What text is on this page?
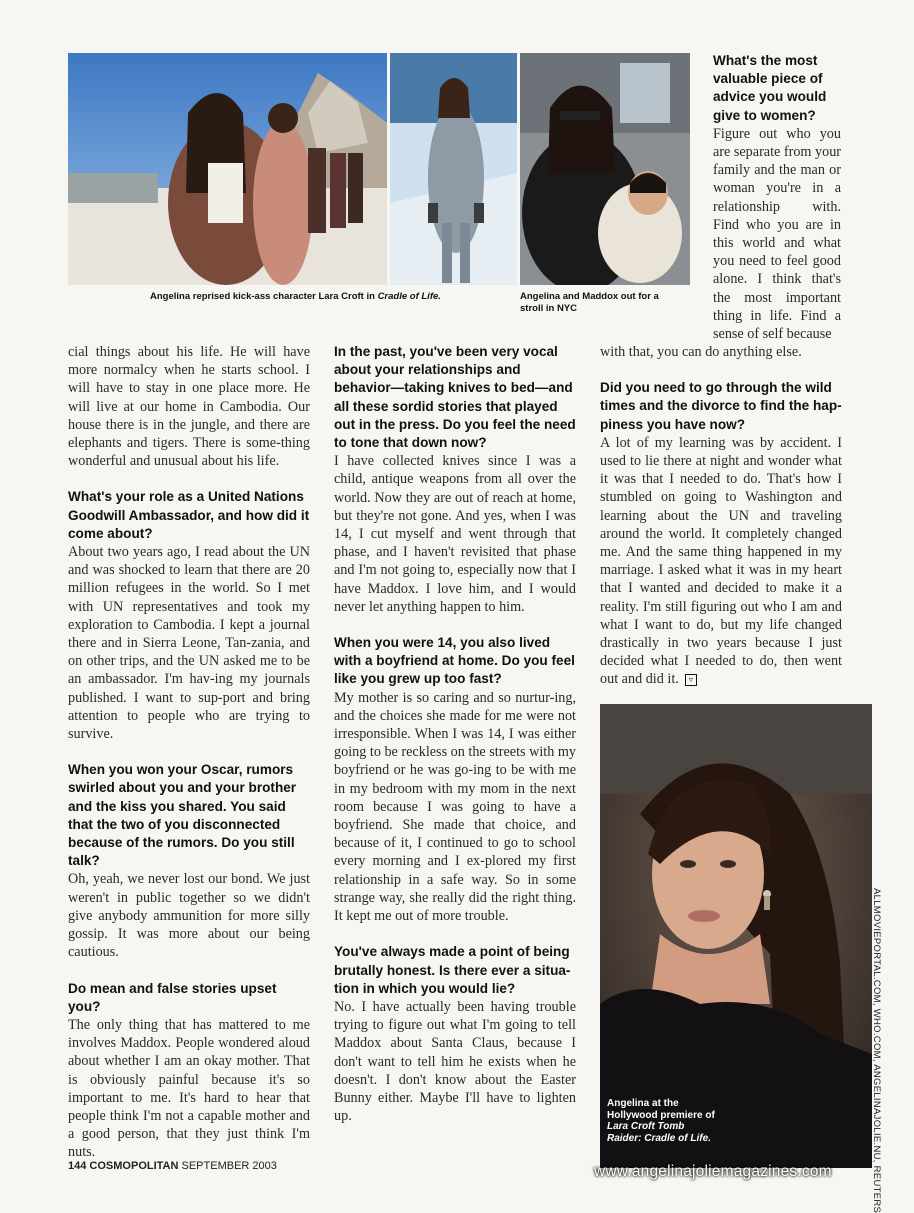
Angelina reprised kick-ass character Lara Croft in Cradle of Life.	Angelina and Maddox out for a stroll in NYC

cial things about his life. He will have more normalcy when he starts school. I will have to stay in one place more. He will live at our home in Cambodia. Our house there is in the jungle, and there are elephants and tigers. There is some-thing wonderful and unusual about his life.

What's your role as a United Nations Goodwill Ambassador, and how did it come about?
About two years ago, I read about the UN and was shocked to learn that there are 20 million refugees in the world. So I met with UN representatives and took my exploration to Cambodia. I kept a journal there and in Sierra Leone, Tan-zania, and on other trips, and the UN asked me to be an ambassador. I'm hav-ing my journals published. I want to sup-port and bring attention to people who are trying to survive.

When you won your Oscar, rumors swirled about you and your brother and the kiss you shared. You said that the two of you disconnected because of the rumors. Do you still talk?
Oh, yeah, we never lost our bond. We just weren't in public together so we didn't give anybody ammunition for more silly gossip. It was more about our being cautious.

Do mean and false stories upset you?
The only thing that has mattered to me involves Maddox. People wondered aloud about whether I am an okay mother. That is obviously painful because it's so important to me. It's hard to hear that people think I'm not a capable mother and a good person, that they just think I'm nuts.

In the past, you've been very vocal about your relationships and behavior—taking knives to bed—and all these sordid stories that played out in the press. Do you feel the need to tone that down now?
I have collected knives since I was a child, antique weapons from all over the world. Now they are out of reach at home, but they're not gone. And yes, when I was 14, I cut myself and went through that phase, and I haven't revisited that phase and I'm not going to, especially now that I have Maddox. I love him, and I would never let anything happen to him.

When you were 14, you also lived with a boyfriend at home. Do you feel like you grew up too fast?
My mother is so caring and so nurtur-ing, and the choices she made for me were not irresponsible. When I was 14, I was either going to be reckless on the streets with my boyfriend or he was go-ing to be with me in my bedroom with my mom in the next room because I was going to have a boyfriend. She made that choice, and because of it, I continued to go to school every morning and I ex-plored my first relationship in a safe way. So in some strange way, she really did the right thing. It kept me out of more trouble.

You've always made a point of being brutally honest. Is there ever a situa-tion in which you would lie?
No. I have actually been having trouble trying to figure out what I'm going to tell Maddox about Santa Claus, because I don't want to tell him he exists when he doesn't. I don't know about the Easter Bunny either. Maybe I'll have to lighten up.

What's the most valuable piece of advice you would give to women?
Figure out who you are separate from your family and the man or woman you're in a relationship with. Find who you are in this world and what you need to feel good alone. I think that's the most important thing in life. Find a sense of self because

with that, you can do anything else.

Did you need to go through the wild times and the divorce to find the hap-piness you have now?
A lot of my learning was by accident. I used to lie there at night and wonder what it was that I needed to do. That's how I stumbled on going to Washington and learning about the UN and traveling around the world. It completely changed me. And the same thing happened in my marriage. I asked what it was in my heart that I wanted and decided to make it a reality. I'm still figuring out who I am and what I want to do, but my life changed drastically in two years because I just decided what I needed to do, then went out and did it. ▿

Angelina at the Hollywood premiere of Lara Croft Tomb Raider: Cradle of Life.	ALLMOVIEPORTAL.COM, WHO.COM, ANGELINAJOLIE.NU, REUTERS
144 COSMOPOLITAN SEPTEMBER 2003	www.angelinajoliemagazines.com
